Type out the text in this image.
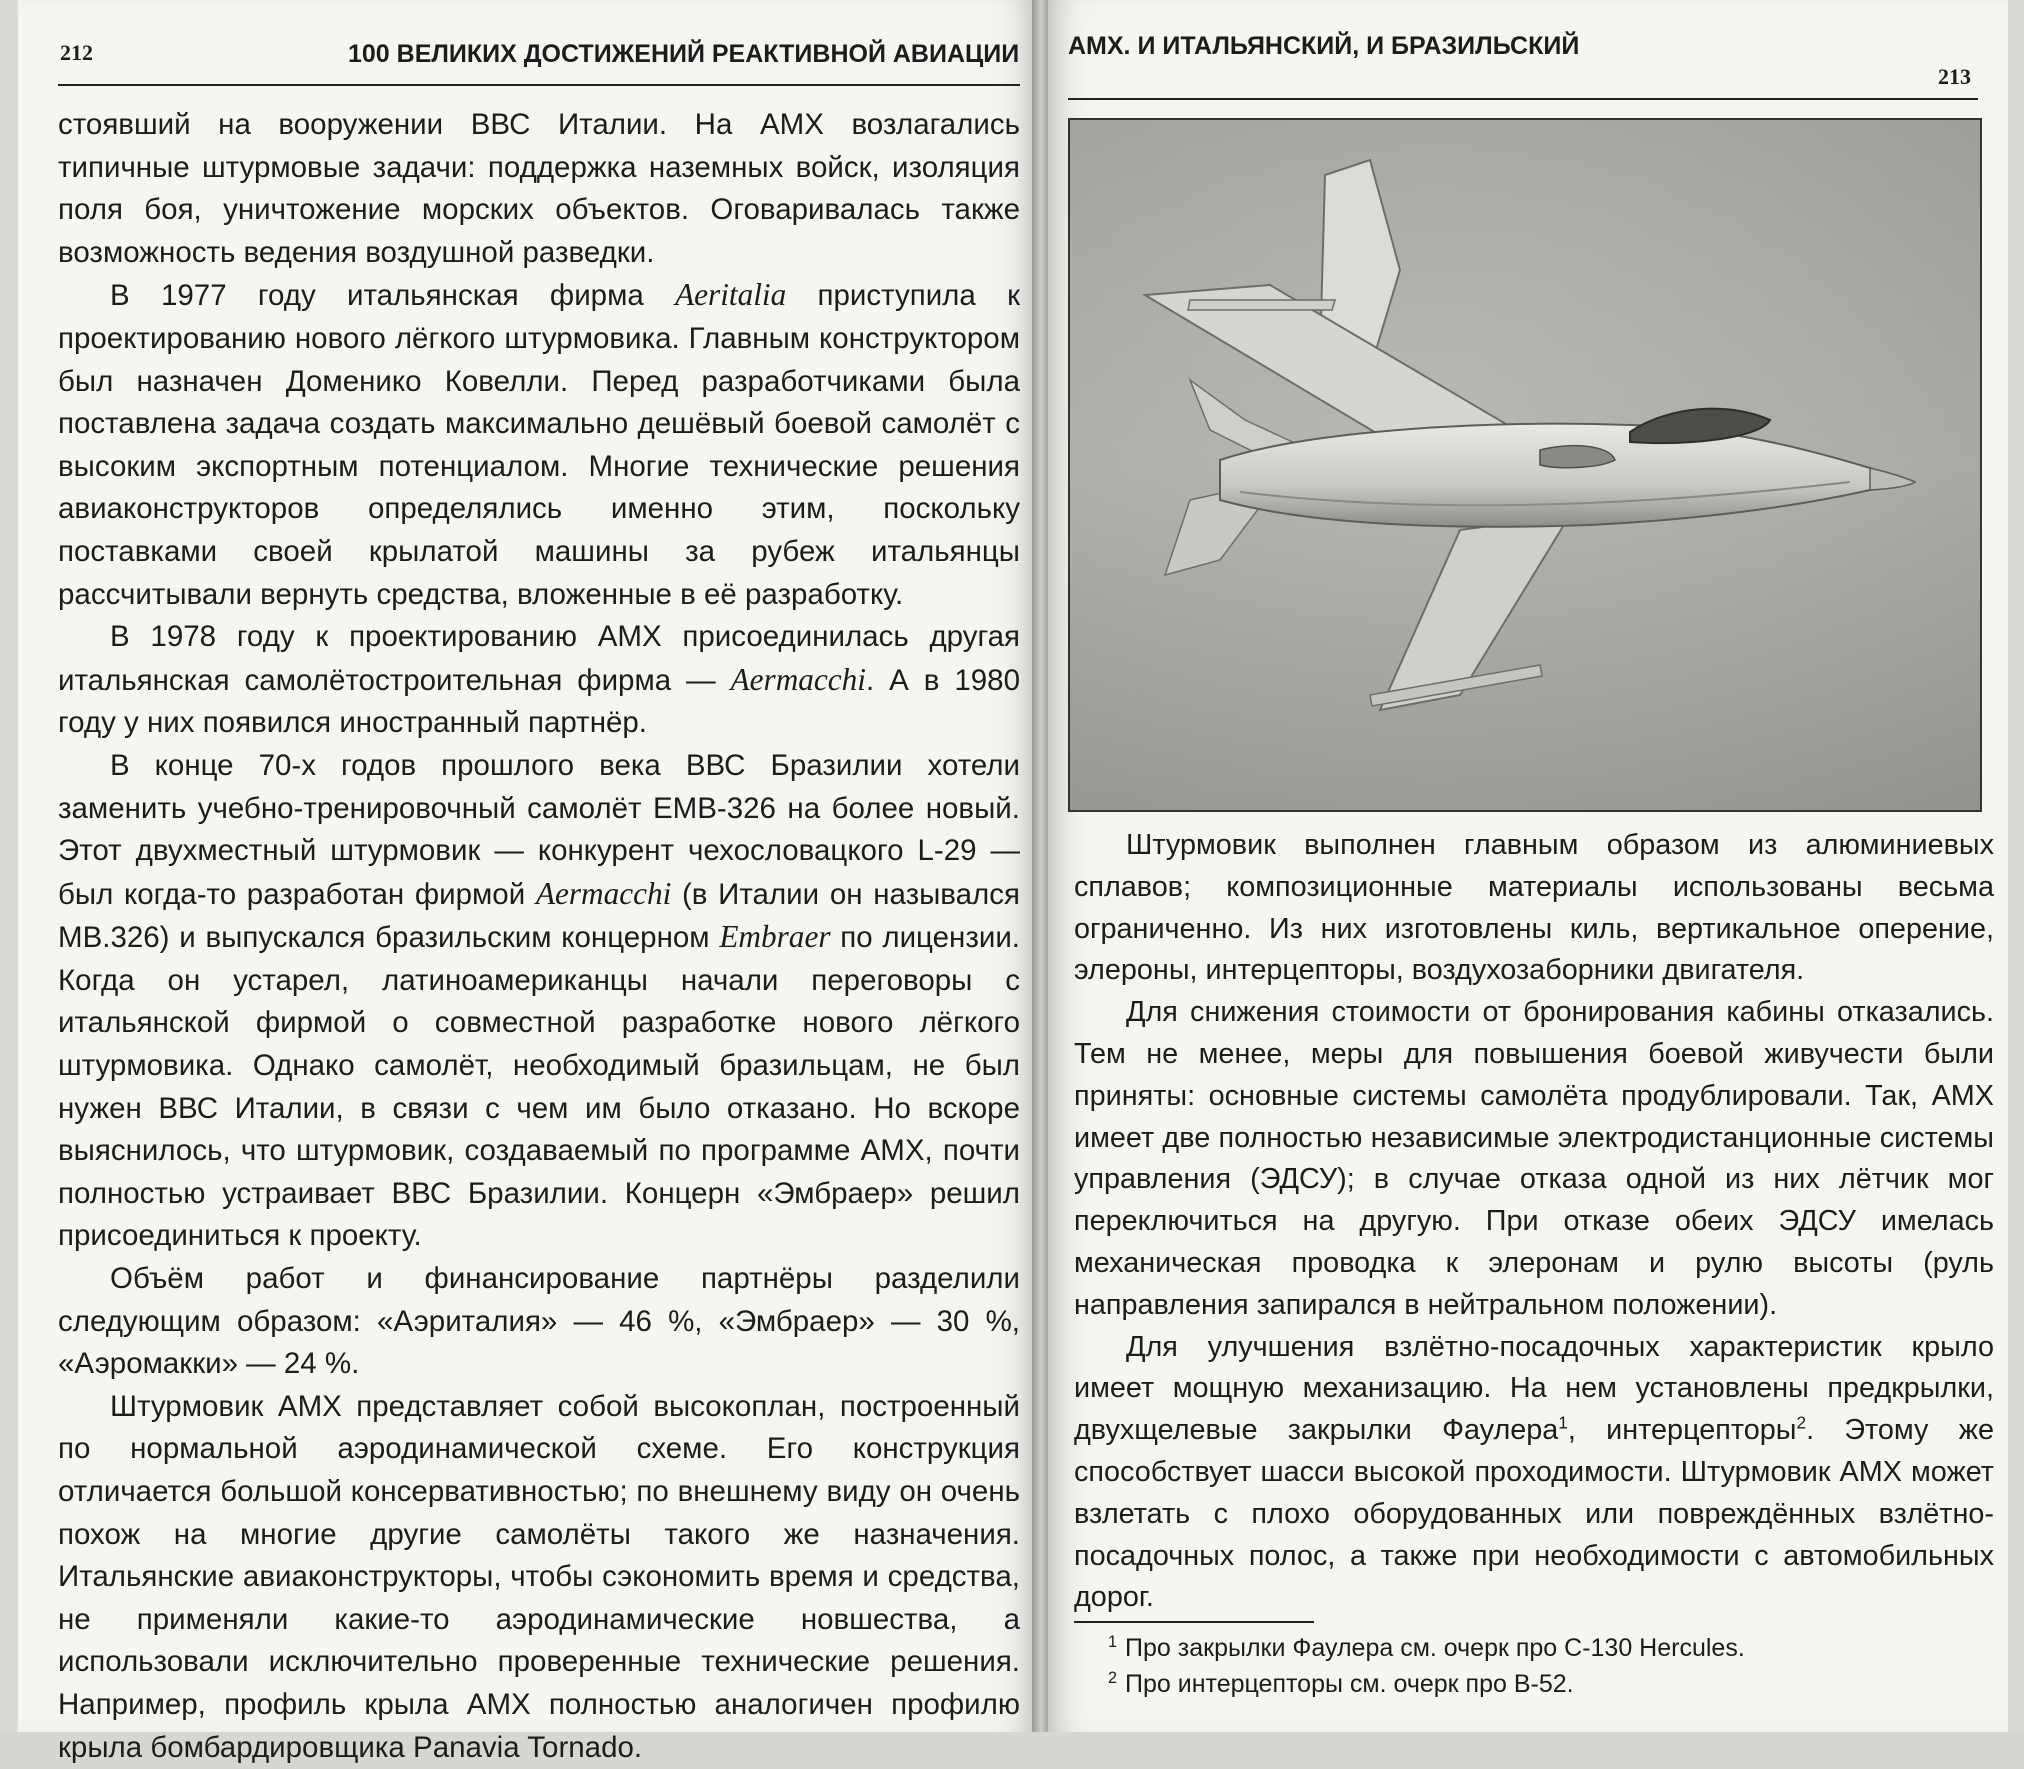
212	100 ВЕЛИКИХ ДОСТИЖЕНИЙ РЕАКТИВНОЙ АВИАЦИИ

стоявший на вооружении ВВС Италии. На AMX возлагались типичные штурмовые задачи: поддержка наземных войск, изоляция поля боя, уничтожение морских объектов. Оговаривалась также возможность ведения воздушной разведки.

В 1977 году итальянская фирма Aeritalia приступила к проектированию нового лёгкого штурмовика. Главным конструктором был назначен Доменико Ковелли. Перед разработчиками была поставлена задача создать максимально дешёвый боевой самолёт с высоким экспортным потенциалом. Многие технические решения авиаконструкторов определялись именно этим, поскольку поставками своей крылатой машины за рубеж итальянцы рассчитывали вернуть средства, вложенные в её разработку.

В 1978 году к проектированию AMX присоединилась другая итальянская самолётостроительная фирма — Aermacchi. А в 1980 году у них появился иностранный партнёр.

В конце 70-х годов прошлого века ВВС Бразилии хотели заменить учебно-тренировочный самолёт EMB-326 на более новый. Этот двухместный штурмовик — конкурент чехословацкого L-29 — был когда-то разработан фирмой Aermacchi (в Италии он назывался MB.326) и выпускался бразильским концерном Embraer по лицензии. Когда он устарел, латиноамериканцы начали переговоры с итальянской фирмой о совместной разработке нового лёгкого штурмовика. Однако самолёт, необходимый бразильцам, не был нужен ВВС Италии, в связи с чем им было отказано. Но вскоре выяснилось, что штурмовик, создаваемый по программе AMX, почти полностью устраивает ВВС Бразилии. Концерн «Эмбраер» решил присоединиться к проекту.

Объём работ и финансирование партнёры разделили следующим образом: «Аэриталия» — 46 %, «Эмбраер» — 30 %, «Аэромакки» — 24 %.

Штурмовик AMX представляет собой высокоплан, построенный по нормальной аэродинамической схеме. Его конструкция отличается большой консервативностью; по внешнему виду он очень похож на многие другие самолёты такого же назначения. Итальянские авиаконструкторы, чтобы сэкономить время и средства, не применяли какие-то аэродинамические новшества, а использовали исключительно проверенные технические решения. Например, профиль крыла AMX полностью аналогичен профилю крыла бомбардировщика Panavia Tornado.

AMX. И ИТАЛЬЯНСКИЙ, И БРАЗИЛЬСКИЙ
213

Штурмовик выполнен главным образом из алюминиевых сплавов; композиционные материалы использованы весьма ограниченно. Из них изготовлены киль, вертикальное оперение, элероны, интерцепторы, воздухозаборники двигателя.

Для снижения стоимости от бронирования кабины отказались. Тем не менее, меры для повышения боевой живучести были приняты: основные системы самолёта продублировали. Так, AMX имеет две полностью независимые электродистанционные системы управления (ЭДСУ); в случае отказа одной из них лётчик мог переключиться на другую. При отказе обеих ЭДСУ имелась механическая проводка к элеронам и рулю высоты (руль направления запирался в нейтральном положении).

Для улучшения взлётно-посадочных характеристик крыло имеет мощную механизацию. На нем установлены предкрылки, двухщелевые закрылки Фаулера$^1$, интерцепторы$^2$. Этому же способствует шасси высокой проходимости. Штурмовик AMX может взлетать с плохо оборудованных или повреждённых взлётно-посадочных полос, а также при необходимости с автомобильных дорог.

$^1$ Про закрылки Фаулера см. очерк про C-130 Hercules.

$^2$ Про интерцепторы см. очерк про B-52.
